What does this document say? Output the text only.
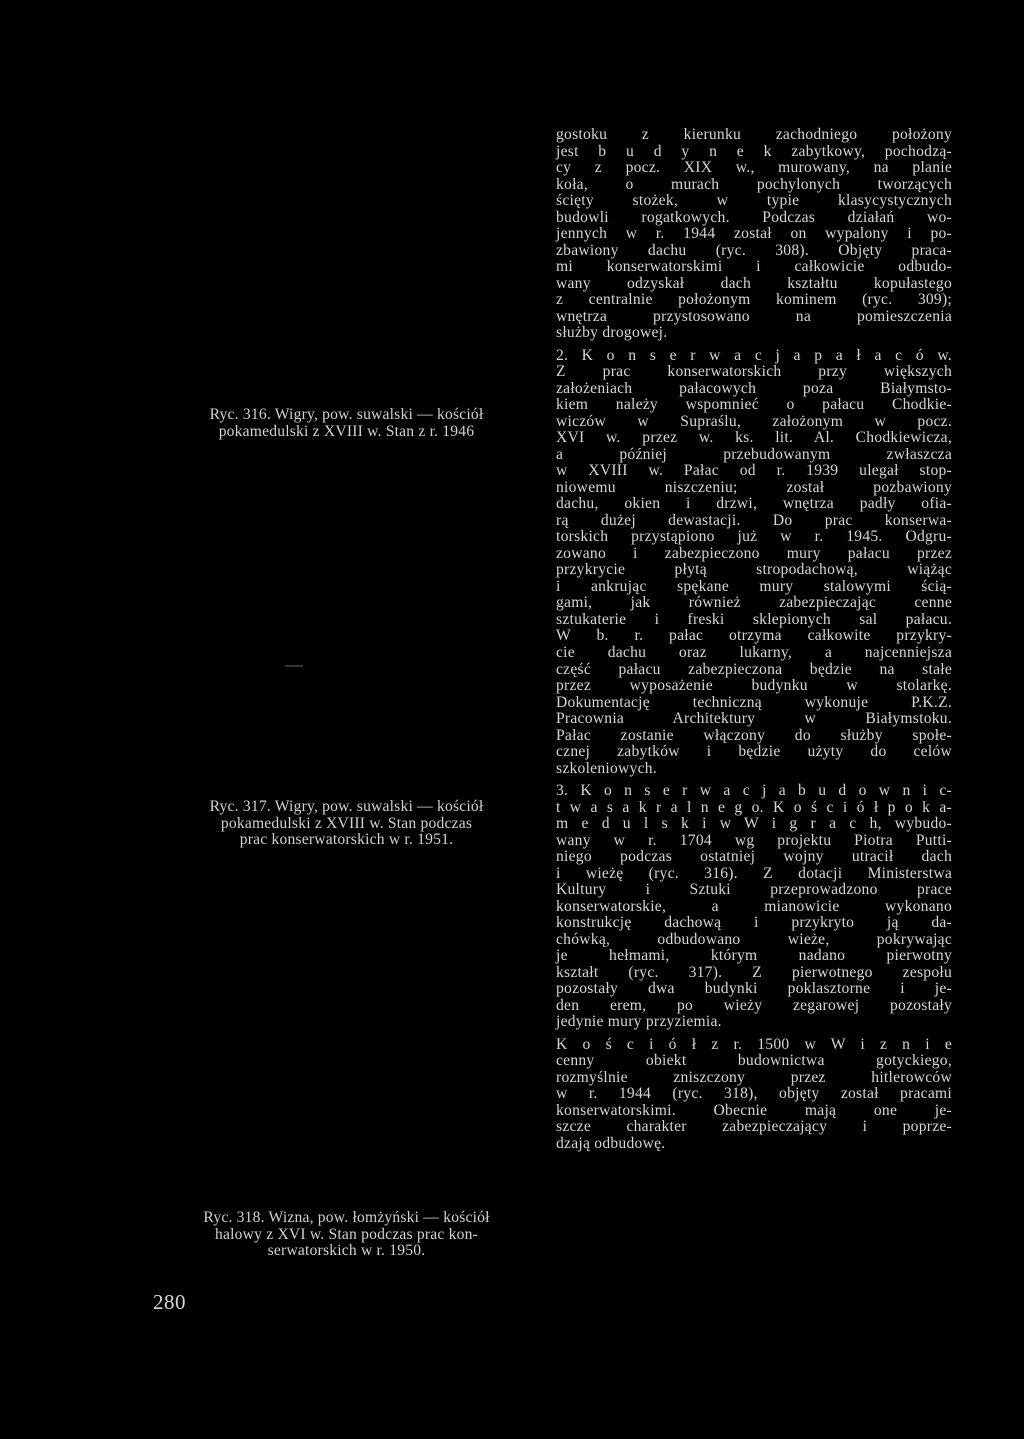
Ryc. 316. Wigry, pow. suwalski — kościół
pokamedulski z XVIII w. Stan z r. 1946
Ryc. 317. Wigry, pow. suwalski — kościół
pokamedulski z XVIII w. Stan podczas
prac konserwatorskich w r. 1951.
Ryc. 318. Wizna, pow. łomżyński — kościół
halowy z XVI w. Stan podczas prac kon-
serwatorskich w r. 1950.
280
gostoku z kierunku zachodniego położony
jest b u d y n e k zabytkowy, pochodzą-
cy z pocz. XIX w., murowany, na planie
koła, o murach pochylonych tworzących
ścięty stożek, w typie klasycystycznych
budowli rogatkowych. Podczas działań wo-
jennych w r. 1944 został on wypalony i po-
zbawiony dachu (ryc. 308). Objęty praca-
mi konserwatorskimi i całkowicie odbudo-
wany odzyskał dach kształtu kopułastego
z centralnie położonym kominem (ryc. 309);
wnętrza przystosowano na pomieszczenia
służby drogowej.
2. K o n s e r w a c j a p a ł a c ó w.
Z prac konserwatorskich przy większych
założeniach pałacowych poza Białymsto-
kiem należy wspomnieć o pałacu Chodkie-
wiczów w Supraślu, założonym w pocz.
XVI w. przez w. ks. lit. Al. Chodkiewicza,
a później przebudowanym zwłaszcza
w XVIII w. Pałac od r. 1939 ulegał stop-
niowemu niszczeniu; został pozbawiony
dachu, okien i drzwi, wnętrza padły ofia-
rą dużej dewastacji. Do prac konserwa-
torskich przystąpiono już w r. 1945. Odgru-
zowano i zabezpieczono mury pałacu przez
przykrycie płytą stropodachową, wiążąc
i ankrując spękane mury stalowymi ścią-
gami, jak również zabezpieczając cenne
sztukaterie i freski sklepionych sal pałacu.
W b. r. pałac otrzyma całkowite przykry-
cie dachu oraz lukarny, a najcenniejsza
część pałacu zabezpieczona będzie na stałe
przez wyposażenie budynku w stolarkę.
Dokumentację techniczną wykonuje P.K.Z.
Pracownia Architektury w Białymstoku.
Pałac zostanie włączony do służby społe-
cznej zabytków i będzie użyty do celów
szkoleniowych.
3. K o n s e r w a c j a b u d o w n i c-
t w a s a k r a l n e g o. K o ś c i ó ł p o k a-
m e d u l s k i w W i g r a c h, wybudo-
wany w r. 1704 wg projektu Piotra Putti-
niego podczas ostatniej wojny utracił dach
i wieżę (ryc. 316). Z dotacji Ministerstwa
Kultury i Sztuki przeprowadzono prace
konserwatorskie, a mianowicie wykonano
konstrukcję dachową i przykryto ją da-
chówką, odbudowano wieże, pokrywając
je hełmami, którym nadano pierwotny
kształt (ryc. 317). Z pierwotnego zespołu
pozostały dwa budynki poklasztorne i je-
den erem, po wieży zegarowej pozostały
jedynie mury przyziemia.
K o ś c i ó ł z r. 1500 w W i z n i e
cenny obiekt budownictwa gotyckiego,
rozmyślnie zniszczony przez hitlerowców
w r. 1944 (ryc. 318), objęty został pracami
konserwatorskimi. Obecnie mają one je-
szcze charakter zabezpieczający i poprze-
dzają odbudowę.
